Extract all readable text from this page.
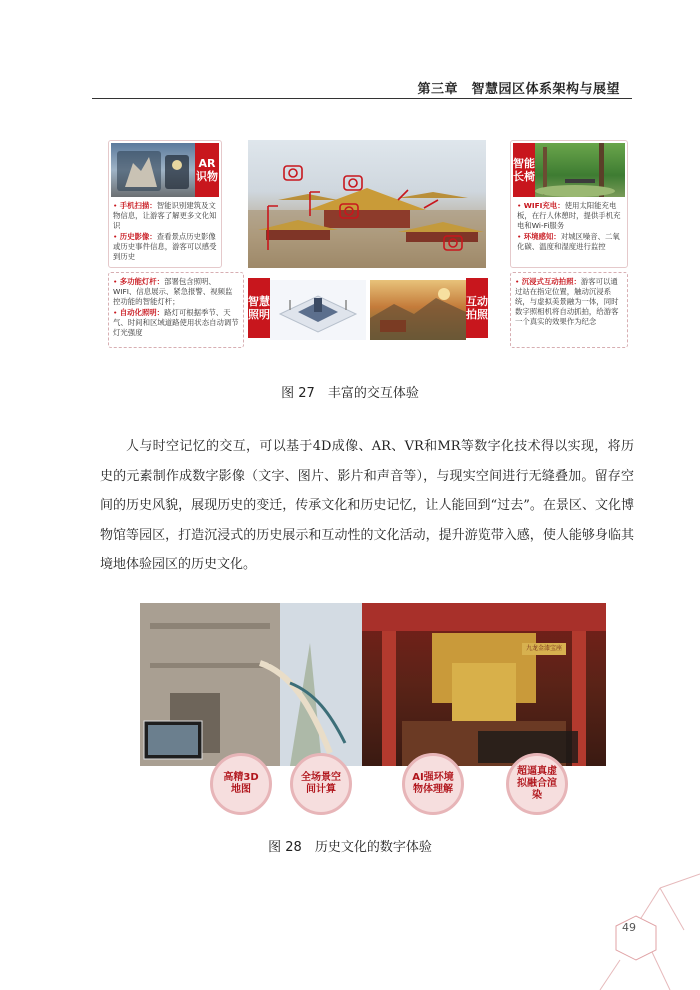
第三章　智慧园区体系架构与展望
AR识物
• 手机扫描：智能识别建筑及文物信息，让游客了解更多文化知识
• 历史影像：查看景点历史影像或历史事件信息，游客可以感受到历史
智能长椅
• WIFI充电：使用太阳能充电板，在行人休憩时，提供手机充电和Wi-Fi服务
• 环境感知：对城区噪音、二氧化碳、温度和湿度进行监控
• 多功能灯杆：部署包含照明、WIFI、信息展示、紧急报警、视频监控功能的智能灯杆；
• 自动化照明：路灯可根据季节、天气、时间和区域道路使用状态自动调节灯光强度
智慧照明
互动拍照
• 沉浸式互动拍照：游客可以通过站在指定位置，触动沉浸系统，与虚拟美景融为一体，同时数字照相机将自动抓拍，给游客一个真实的效果作为纪念
图 27　丰富的交互体验

人与时空记忆的交互，可以基于4D成像、AR、VR和MR等数字化技术得以实现，将历史的元素制作成数字影像（文字、图片、影片和声音等），与现实空间进行无缝叠加。留存空间的历史风貌，展现历史的变迁，传承文化和历史记忆，让人能回到“过去”。在景区、文化博物馆等园区，打造沉浸式的历史展示和互动性的文化活动，提升游览带入感，使人能够身临其境地体验园区的历史文化。

九龙金漆宝座
高精3D地图
全场景空间计算
AI强环境物体理解
超逼真虚拟融合渲染
图 28　历史文化的数字体验
49
